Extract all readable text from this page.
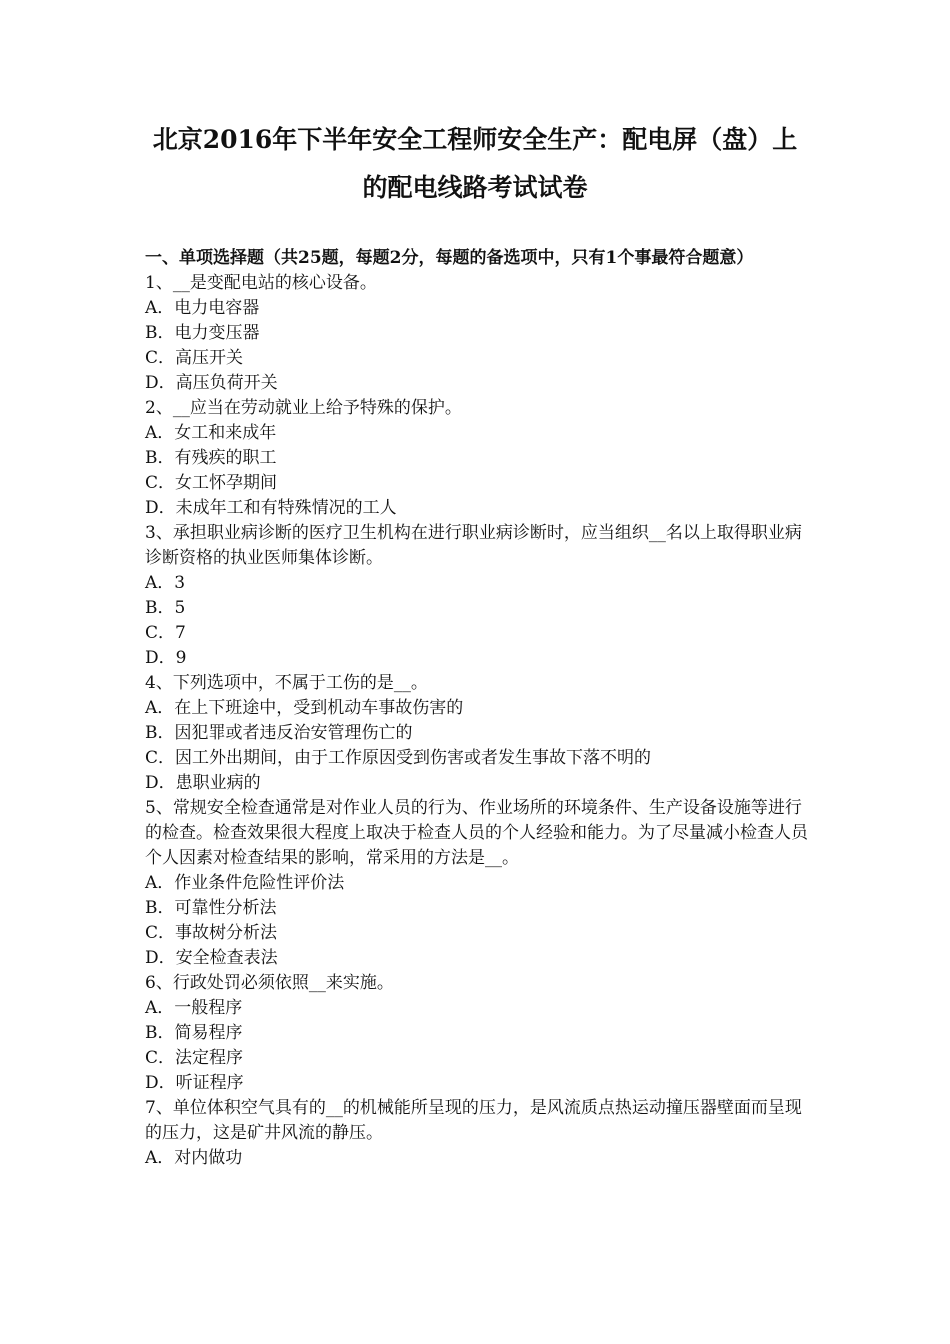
北京2016年下半年安全工程师安全生产：配电屏（盘）上
的配电线路考试试卷

一、单项选择题（共25题，每题2分，每题的备选项中，只有1个事最符合题意）

1、__是变配电站的核心设备。

A．电力电容器

B．电力变压器

C．高压开关

D．高压负荷开关

2、__应当在劳动就业上给予特殊的保护。

A．女工和来成年

B．有残疾的职工

C．女工怀孕期间

D．未成年工和有特殊情况的工人

3、承担职业病诊断的医疗卫生机构在进行职业病诊断时，应当组织__名以上取得职业病诊断资格的执业医师集体诊断。

A．3

B．5

C．7

D．9

4、下列选项中，不属于工伤的是__。

A．在上下班途中，受到机动车事故伤害的

B．因犯罪或者违反治安管理伤亡的

C．因工外出期间，由于工作原因受到伤害或者发生事故下落不明的

D．患职业病的

5、常规安全检查通常是对作业人员的行为、作业场所的环境条件、生产设备设施等进行的检查。检查效果很大程度上取决于检查人员的个人经验和能力。为了尽量减小检查人员个人因素对检查结果的影响，常采用的方法是__。

A．作业条件危险性评价法

B．可靠性分析法

C．事故树分析法

D．安全检查表法

6、行政处罚必须依照__来实施。

A．一般程序

B．简易程序

C．法定程序

D．听证程序

7、单位体积空气具有的__的机械能所呈现的压力，是风流质点热运动撞压器壁面而呈现的压力，这是矿井风流的静压。

A．对内做功
